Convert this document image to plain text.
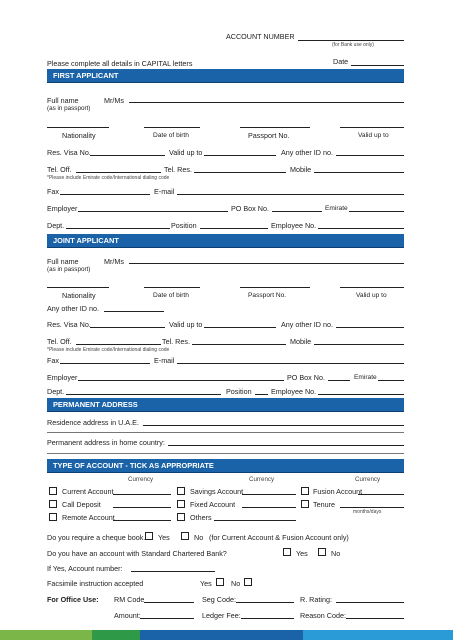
ACCOUNT NUMBER
(for Bank use only)
Please complete all details in CAPITAL letters	Date
FIRST APPLICANT
Full name
(as in passport)
Mr/Ms
Nationality	Date of birth	Passport No.	Valid up to
Res. Visa No.	Valid up to	Any other ID no.
Tel. Off.	Tel. Res.	Mobile
*Please include Emirate code/International dialing code
Fax	E-mail
Employer	PO Box No.	Emirate
Dept.	Position	Employee No.
JOINT APPLICANT
Full name
(as in passport)
Mr/Ms
Nationality	Date of birth	Passport No.	Valid up to
Any other ID no.
Res. Visa No.	Valid up to	Any other ID no.
Tel. Off.	Tel. Res.	Mobile
*Please include Emirate code/International dialing code
Fax	E-mail
Employer	PO Box No.	Emirate
Dept.	Position	Employee No.
PERMANENT ADDRESS
Residence address in U.A.E.
Permanent address in home country:
TYPE OF ACCOUNT - TICK AS APPROPRIATE
Currency	Currency	Currency
Current Account	Savings Account	Fusion Account
Call Deposit	Fixed Account	Tenure
months/days
Remote Account	Others
Do you require a cheque book. Yes	No (for Current Account & Fusion Account only)
Do you have an account with Standard Chartered Bank?	Yes	No
If Yes, Account number:
Facsimile instruction accepted	Yes	No
For Office Use: RM Code	Seg Code:	R. Rating:
Amount:	Ledger Fee:	Reason Code:
